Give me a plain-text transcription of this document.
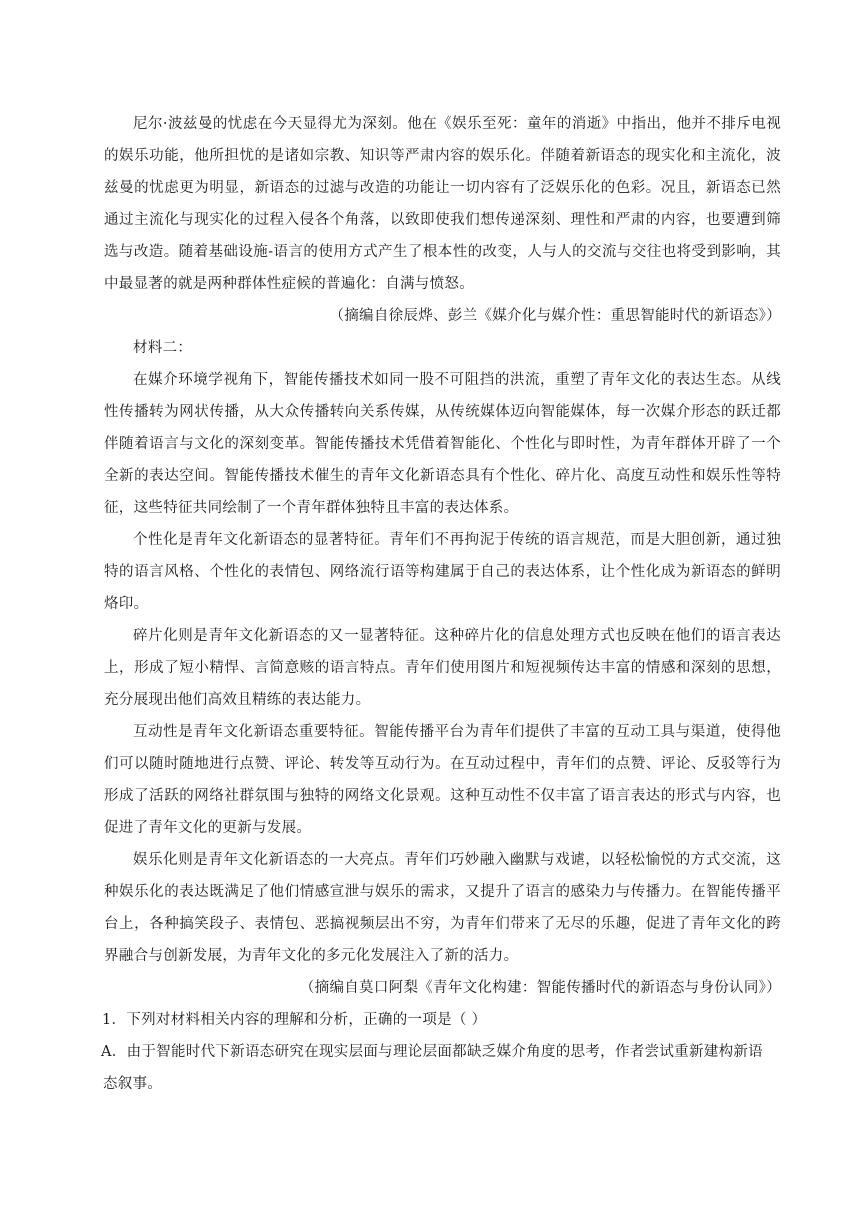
尼尔·波兹曼的忧虑在今天显得尤为深刻。他在《娱乐至死：童年的消逝》中指出，他并不排斥电视的娱乐功能，他所担忧的是诸如宗教、知识等严肃内容的娱乐化。伴随着新语态的现实化和主流化，波兹曼的忧虑更为明显，新语态的过滤与改造的功能让一切内容有了泛娱乐化的色彩。况且，新语态已然通过主流化与现实化的过程入侵各个角落，以致即使我们想传递深刻、理性和严肃的内容，也要遭到筛选与改造。随着基础设施-语言的使用方式产生了根本性的改变，人与人的交流与交往也将受到影响，其中最显著的就是两种群体性症候的普遍化：自满与愤怒。

（摘编自徐辰烨、彭兰《媒介化与媒介性：重思智能时代的新语态》）

材料二：

在媒介环境学视角下，智能传播技术如同一股不可阻挡的洪流，重塑了青年文化的表达生态。从线性传播转为网状传播，从大众传播转向关系传媒，从传统媒体迈向智能媒体，每一次媒介形态的跃迁都伴随着语言与文化的深刻变革。智能传播技术凭借着智能化、个性化与即时性，为青年群体开辟了一个全新的表达空间。智能传播技术催生的青年文化新语态具有个性化、碎片化、高度互动性和娱乐性等特征，这些特征共同绘制了一个青年群体独特且丰富的表达体系。

个性化是青年文化新语态的显著特征。青年们不再拘泥于传统的语言规范，而是大胆创新，通过独特的语言风格、个性化的表情包、网络流行语等构建属于自己的表达体系，让个性化成为新语态的鲜明烙印。

碎片化则是青年文化新语态的又一显著特征。这种碎片化的信息处理方式也反映在他们的语言表达上，形成了短小精悍、言简意赅的语言特点。青年们使用图片和短视频传达丰富的情感和深刻的思想，充分展现出他们高效且精练的表达能力。

互动性是青年文化新语态重要特征。智能传播平台为青年们提供了丰富的互动工具与渠道，使得他们可以随时随地进行点赞、评论、转发等互动行为。在互动过程中，青年们的点赞、评论、反驳等行为形成了活跃的网络社群氛围与独特的网络文化景观。这种互动性不仅丰富了语言表达的形式与内容，也促进了青年文化的更新与发展。

娱乐化则是青年文化新语态的一大亮点。青年们巧妙融入幽默与戏谑，以轻松愉悦的方式交流，这种娱乐化的表达既满足了他们情感宣泄与娱乐的需求，又提升了语言的感染力与传播力。在智能传播平台上，各种搞笑段子、表情包、恶搞视频层出不穷，为青年们带来了无尽的乐趣，促进了青年文化的跨界融合与创新发展，为青年文化的多元化发展注入了新的活力。

（摘编自莫口阿梨《青年文化构建：智能传播时代的新语态与身份认同》）

1．下列对材料相关内容的理解和分析，正确的一项是（ ）

A．由于智能时代下新语态研究在现实层面与理论层面都缺乏媒介角度的思考，作者尝试重新建构新语
态叙事。
